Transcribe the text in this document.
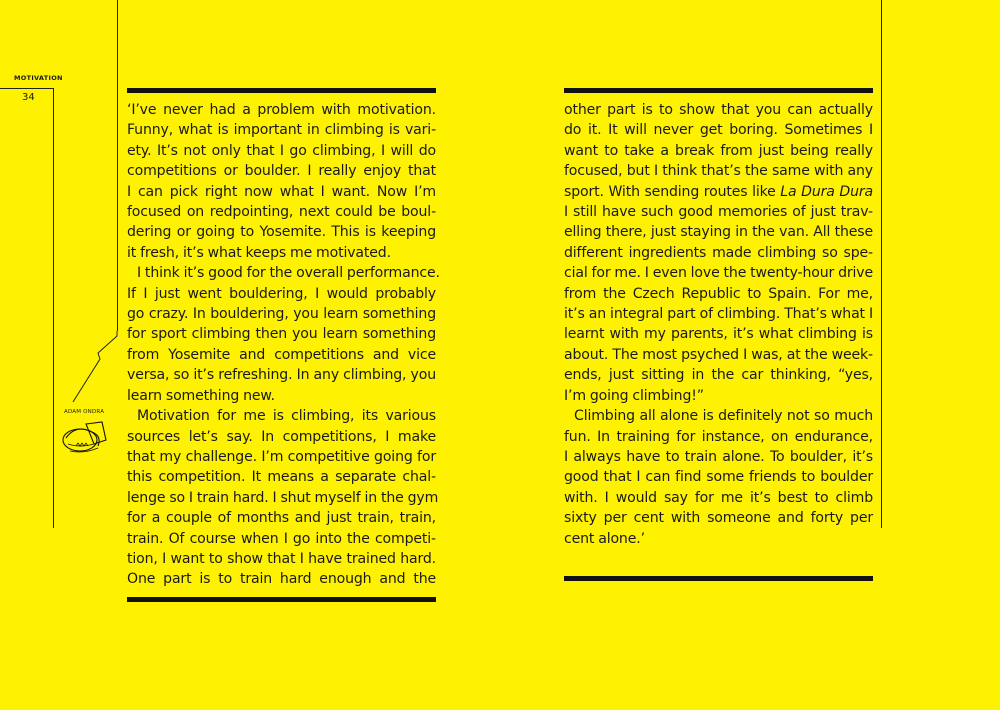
MOTIVATION
34
ADAM ONDRA
‘I’ve never had a problem with motivation.
Funny, what is important in climbing is vari-
ety. It’s not only that I go climbing, I will do
competitions or boulder. I really enjoy that
I can pick right now what I want. Now I’m
focused on redpointing, next could be boul-
dering or going to Yosemite. This is keeping
it fresh, it’s what keeps me motivated.
I think it’s good for the overall performance.
If I just went bouldering, I would probably
go crazy. In bouldering, you learn something
for sport climbing then you learn something
from Yosemite and competitions and vice
versa, so it’s refreshing. In any climbing, you
learn something new.
Motivation for me is climbing, its various
sources let’s say. In competitions, I make
that my challenge. I’m competitive going for
this competition. It means a separate chal-
lenge so I train hard. I shut myself in the gym
for a couple of months and just train, train,
train. Of course when I go into the competi-
tion, I want to show that I have trained hard.
One part is to train hard enough and the
other part is to show that you can actually
do it. It will never get boring. Sometimes I
want to take a break from just being really
focused, but I think that’s the same with any
sport. With sending routes like La Dura Dura
I still have such good memories of just trav-
elling there, just staying in the van. All these
different ingredients made climbing so spe-
cial for me. I even love the twenty-hour drive
from the Czech Republic to Spain. For me,
it’s an integral part of climbing. That’s what I
learnt with my parents, it’s what climbing is
about. The most psyched I was, at the week-
ends, just sitting in the car thinking, “yes,
I’m going climbing!”
Climbing all alone is definitely not so much
fun. In training for instance, on endurance,
I always have to train alone. To boulder, it’s
good that I can find some friends to boulder
with. I would say for me it’s best to climb
sixty per cent with someone and forty per
cent alone.’
